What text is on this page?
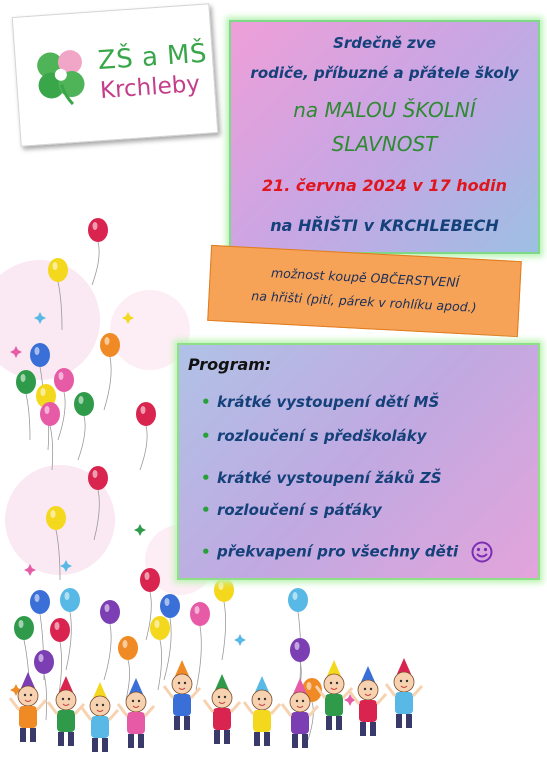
ZŠ a MŠ
Krchleby
Srdečně zve
rodiče, příbuzné a přátele školy
na MALOU ŠKOLNÍ
SLAVNOST
21. června 2024 v 17 hodin
na HŘIŠTI v KRCHLEBECH
možnost koupě OBČERSTVENÍ
na hřišti (pití, párek v rohlíku apod.)
Program:
• krátké vystoupení dětí MŠ
• rozloučení s předškoláky
• krátké vystoupení žáků ZŠ
• rozloučení s páťáky
• překvapení pro všechny děti
